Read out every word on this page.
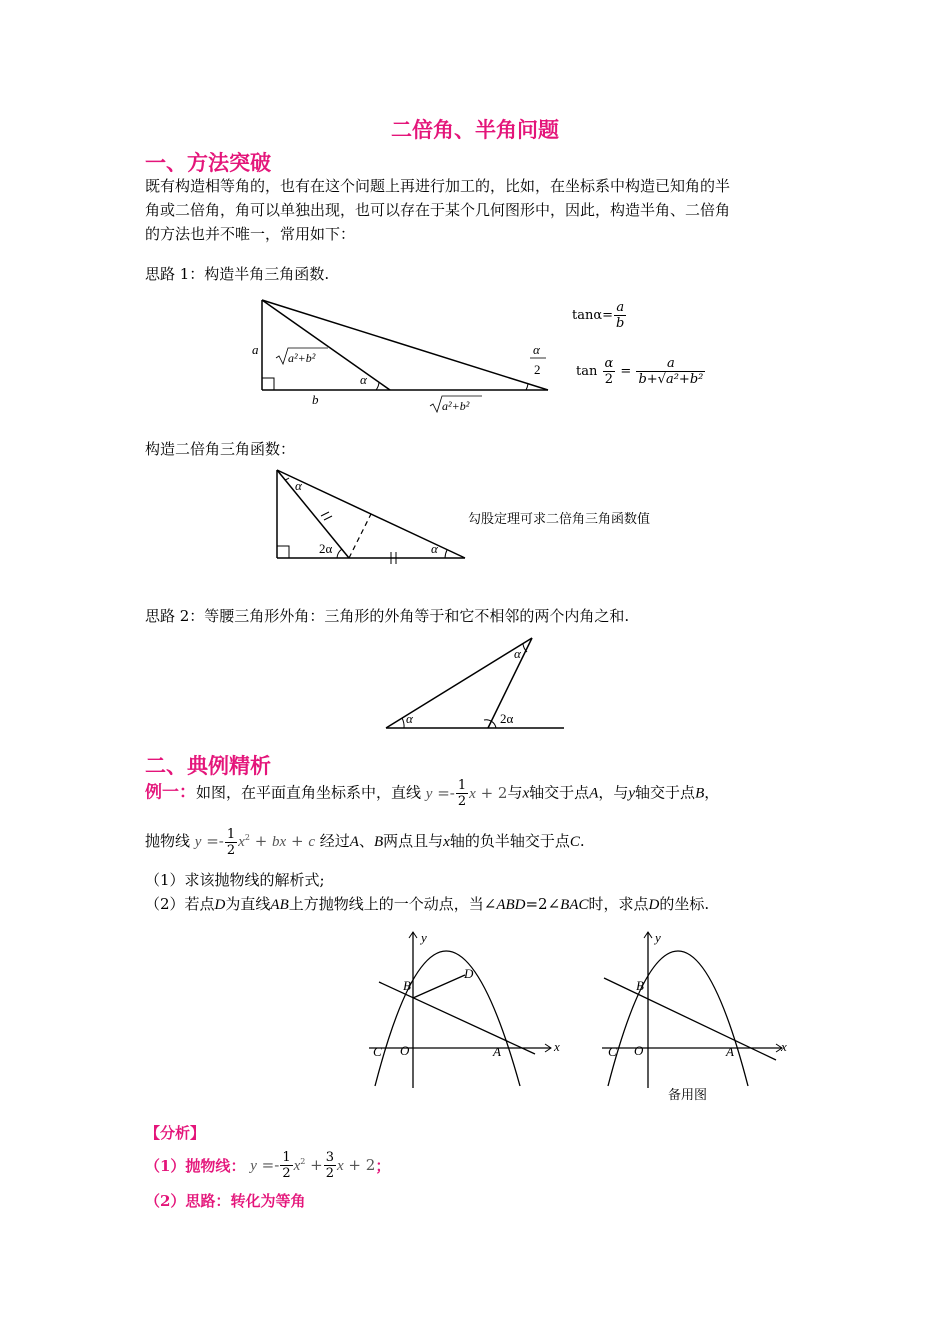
二倍角、半角问题
一、方法突破
既有构造相等角的，也有在这个问题上再进行加工的，比如，在坐标系中构造已知角的半
角或二倍角，角可以单独出现，也可以存在于某个几何图形中，因此，构造半角、二倍角
的方法也并不唯一，常用如下：
思路 1：构造半角三角函数.
a
b
α
a²+b²
a²+b²
α
2
$\tan\alpha= \frac{a}{b}$
$\tan \frac{\alpha}{2} = \frac{a}{\text{b+√a²+b²}}$
构造二倍角三角函数：
α
2α	α
勾股定理可求二倍角三角函数值
思路 2：等腰三角形外角：三角形的外角等于和它不相邻的两个内角之和.
α
α
2α
二、典例精析
例一：如图，在平面直角坐标系中，直线 $y =- \frac{1}{2}$ x + 2与x轴交于点A，与y轴交于点B，
抛物线 $y =- \frac{1}{2} x^2$ + bx + c 经过A、B两点且与x轴的负半轴交于点C.
（1）求该抛物线的解析式;
（2）若点D为直线AB上方抛物线上的一个动点，当∠ABD=2∠BAC时，求点D的坐标.
x
y
O
C	A
B
D
x
y
O
C	A
B
备用图
【分析】
（1）抛物线： $y =- \frac{1}{2} x^2 + \frac{3}{2}$ x + 2；
（2）思路：转化为等角
